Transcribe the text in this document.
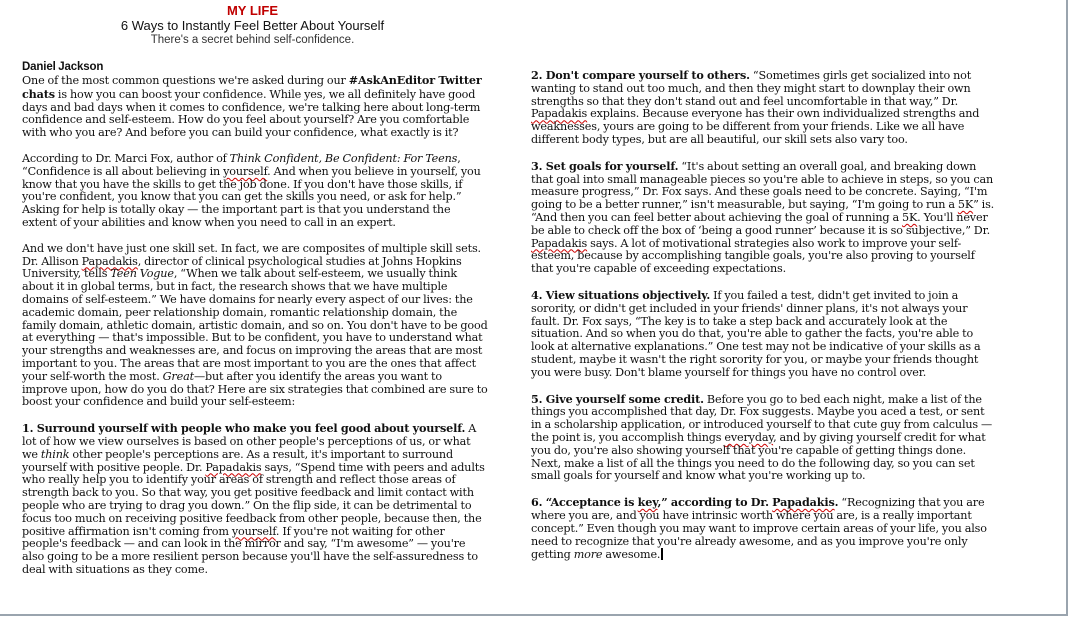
MY LIFE
6 Ways to Instantly Feel Better About Yourself
There's a secret behind self-confidence.
Daniel Jackson

One of the most common questions we're asked during our #AskAnEditor Twitter chats is how you can boost your confidence. While yes, we all definitely have good days and bad days when it comes to confidence, we're talking here about long-term confidence and self-esteem. How do you feel about yourself? Are you comfortable with who you are? And before you can build your confidence, what exactly is it?

According to Dr. Marci Fox, author of Think Confident, Be Confident: For Teens, “Confidence is all about believing in yourself. And when you believe in yourself, you know that you have the skills to get the job done. If you don't have those skills, if you're confident, you know that you can get the skills you need, or ask for help.” Asking for help is totally okay — the important part is that you understand the extent of your abilities and know when you need to call in an expert.

And we don't have just one skill set. In fact, we are composites of multiple skill sets. Dr. Allison Papadakis, director of clinical psychological studies at Johns Hopkins University, tells Teen Vogue, “When we talk about self-esteem, we usually think about it in global terms, but in fact, the research shows that we have multiple domains of self-esteem.” We have domains for nearly every aspect of our lives: the academic domain, peer relationship domain, romantic relationship domain, the family domain, athletic domain, artistic domain, and so on. You don't have to be good at everything — that's impossible. But to be confident, you have to understand what your strengths and weaknesses are, and focus on improving the areas that are most important to you. The areas that are most important to you are the ones that affect your self-worth the most. Great—but after you identify the areas you want to improve upon, how do you do that? Here are six strategies that combined are sure to boost your confidence and build your self-esteem:

1. Surround yourself with people who make you feel good about yourself. A lot of how we view ourselves is based on other people's perceptions of us, or what we think other people's perceptions are. As a result, it's important to surround yourself with positive people. Dr. Papadakis says, “Spend time with peers and adults who really help you to identify your areas of strength and reflect those areas of strength back to you. So that way, you get positive feedback and limit contact with people who are trying to drag you down.” On the flip side, it can be detrimental to focus too much on receiving positive feedback from other people, because then, the positive affirmation isn't coming from yourself. If you're not waiting for other people's feedback — and can look in the mirror and say, “I'm awesome” — you're also going to be a more resilient person because you'll have the self-assuredness to deal with situations as they come.

2. Don't compare yourself to others. “Sometimes girls get socialized into not wanting to stand out too much, and then they might start to downplay their own strengths so that they don't stand out and feel uncomfortable in that way,” Dr. Papadakis explains. Because everyone has their own individualized strengths and weaknesses, yours are going to be different from your friends. Like we all have different body types, but are all beautiful, our skill sets also vary too.

3. Set goals for yourself. “It's about setting an overall goal, and breaking down that goal into small manageable pieces so you're able to achieve in steps, so you can measure progress,” Dr. Fox says. And these goals need to be concrete. Saying, “I'm going to be a better runner,” isn't measurable, but saying, “I'm going to run a 5K” is. “And then you can feel better about achieving the goal of running a 5K. You'll never be able to check off the box of ‘being a good runner’ because it is so subjective,” Dr. Papadakis says. A lot of motivational strategies also work to improve your self-esteem, because by accomplishing tangible goals, you're also proving to yourself that you're capable of exceeding expectations.

4. View situations objectively. If you failed a test, didn't get invited to join a sorority, or didn't get included in your friends' dinner plans, it's not always your fault. Dr. Fox says, “The key is to take a step back and accurately look at the situation. And so when you do that, you're able to gather the facts, you're able to look at alternative explanations.” One test may not be indicative of your skills as a student, maybe it wasn't the right sorority for you, or maybe your friends thought you were busy. Don't blame yourself for things you have no control over.

5. Give yourself some credit. Before you go to bed each night, make a list of the things you accomplished that day, Dr. Fox suggests. Maybe you aced a test, or sent in a scholarship application, or introduced yourself to that cute guy from calculus — the point is, you accomplish things everyday, and by giving yourself credit for what you do, you're also showing yourself that you're capable of getting things done. Next, make a list of all the things you need to do the following day, so you can set small goals for yourself and know what you're working up to.

6. “Acceptance is key,” according to Dr. Papadakis. “Recognizing that you are where you are, and you have intrinsic worth where you are, is a really important concept.” Even though you may want to improve certain areas of your life, you also need to recognize that you're already awesome, and as you improve you're only getting more awesome.
